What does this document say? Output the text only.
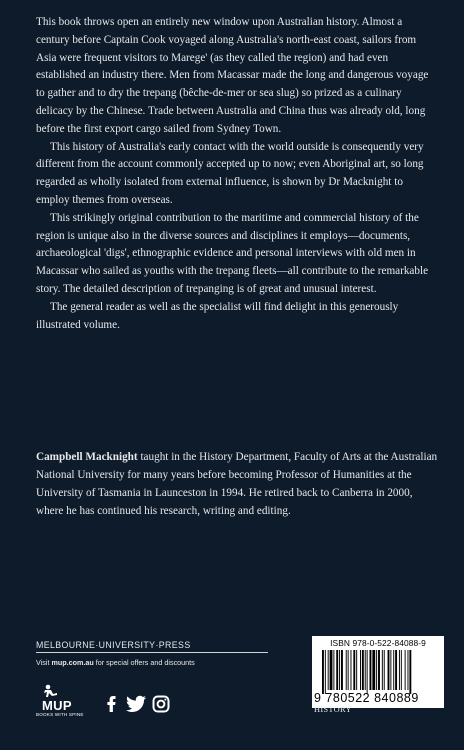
This book throws open an entirely new window upon Australian history. Almost a century before Captain Cook voyaged along Australia's north-east coast, sailors from Asia were frequent visitors to Marege' (as they called the region) and had even established an industry there. Men from Macassar made the long and dangerous voyage to gather and to dry the trepang (bêche-de-mer or sea slug) so prized as a culinary delicacy by the Chinese. Trade between Australia and China thus was already old, long before the first export cargo sailed from Sydney Town.

This history of Australia's early contact with the world outside is consequently very different from the account commonly accepted up to now; even Aboriginal art, so long regarded as wholly isolated from external influence, is shown by Dr Macknight to employ themes from overseas.

This strikingly original contribution to the maritime and commercial history of the region is unique also in the diverse sources and disciplines it employs—documents, archaeological 'digs', ethnographic evidence and personal interviews with old men in Macassar who sailed as youths with the trepang fleets—all contribute to the remarkable story. The detailed description of trepanging is of great and unusual interest.

The general reader as well as the specialist will find delight in this generously illustrated volume.

Campbell Macknight taught in the History Department, Faculty of Arts at the Australian National University for many years before becoming Professor of Humanities at the University of Tasmania in Launceston in 1994. He retired back to Canberra in 2000, where he has continued his research, writing and editing.

MELBOURNE·UNIVERSITY·PRESS
Visit mup.com.au for special offers and discounts
MUP
BOOKS WITH SPINE
ISBN 978-0-522-84088-9
9 780522 840889
HISTORY
